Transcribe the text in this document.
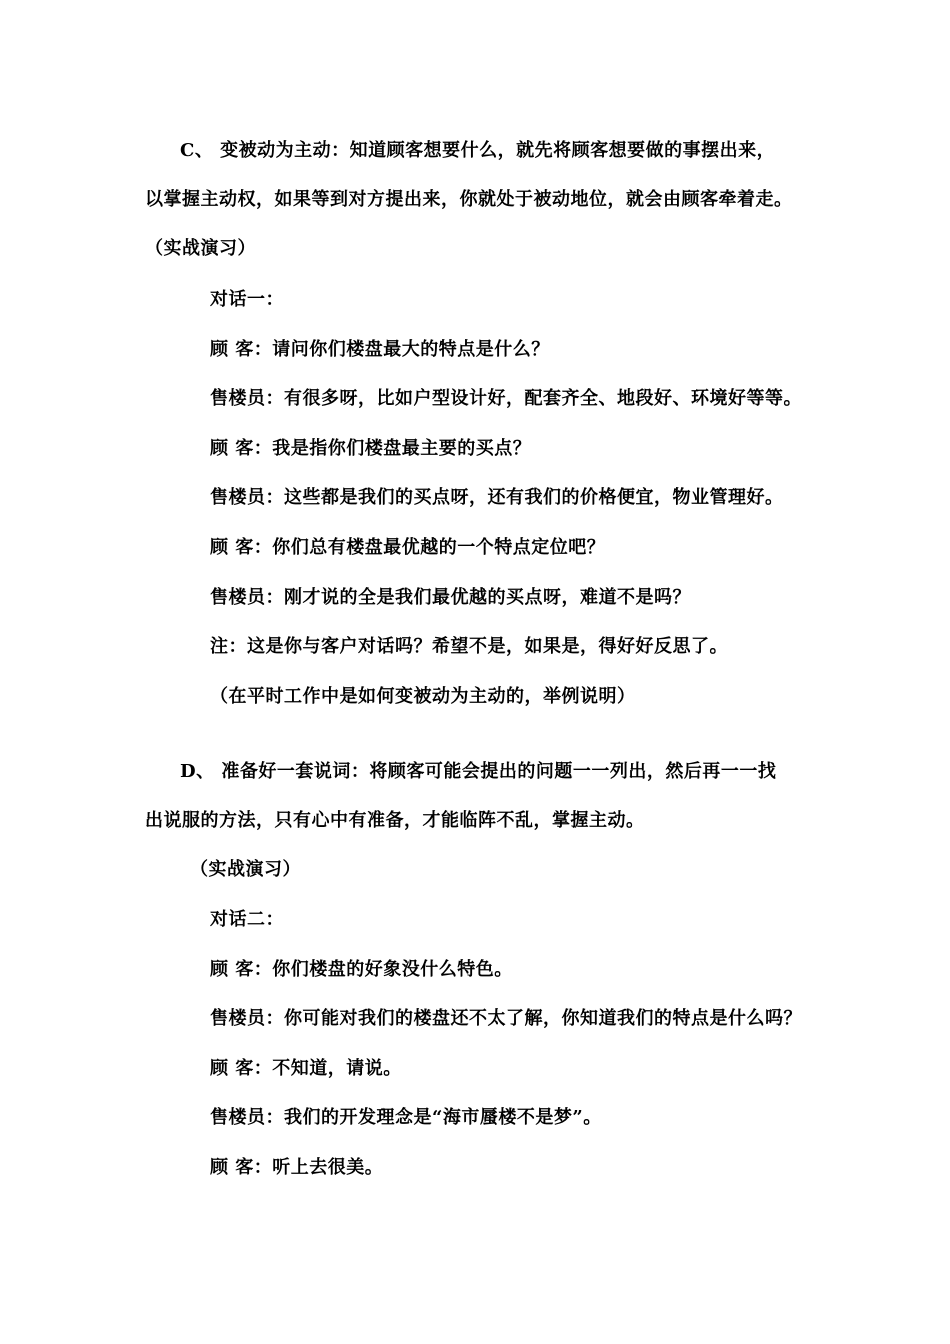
C、 变被动为主动：知道顾客想要什么，就先将顾客想要做的事摆出来，
以掌握主动权，如果等到对方提出来，你就处于被动地位，就会由顾客牵着走。
（实战演习）
对话一：
顾 客：请问你们楼盘最大的特点是什么？
售楼员：有很多呀，比如户型设计好，配套齐全、地段好、环境好等等。
顾 客：我是指你们楼盘最主要的买点？
售楼员：这些都是我们的买点呀，还有我们的价格便宜，物业管理好。
顾 客：你们总有楼盘最优越的一个特点定位吧？
售楼员：刚才说的全是我们最优越的买点呀，难道不是吗？
注：这是你与客户对话吗？希望不是，如果是，得好好反思了。
（在平时工作中是如何变被动为主动的，举例说明）
D、 准备好一套说词：将顾客可能会提出的问题一一列出，然后再一一找
出说服的方法，只有心中有准备，才能临阵不乱，掌握主动。
（实战演习）
对话二：
顾 客：你们楼盘的好象没什么特色。
售楼员：你可能对我们的楼盘还不太了解，你知道我们的特点是什么吗？
顾 客：不知道，请说。
售楼员：我们的开发理念是“海市蜃楼不是梦”。
顾 客：听上去很美。
